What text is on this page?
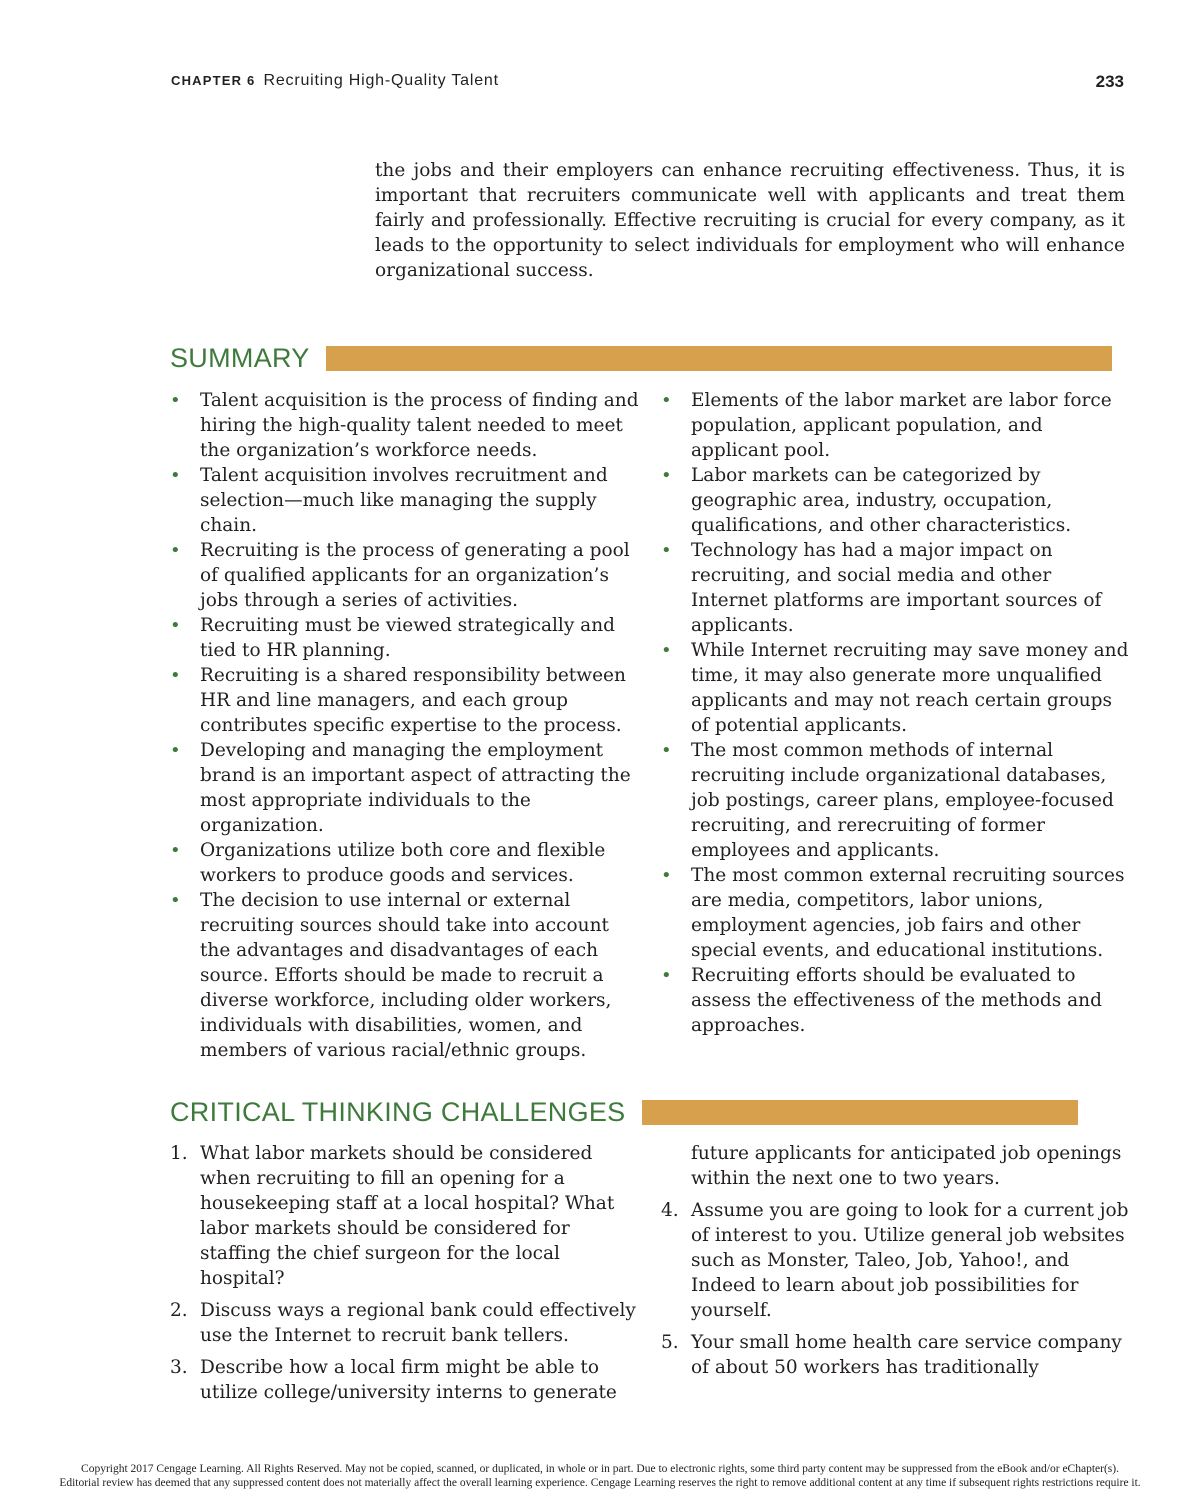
CHAPTER 6 Recruiting High-Quality Talent	233

the jobs and their employers can enhance recruiting effectiveness. Thus, it is important that recruiters communicate well with applicants and treat them fairly and professionally. Effective recruiting is crucial for every company, as it leads to the opportunity to select individuals for employment who will enhance organizational success.

SUMMARY
• Talent acquisition is the process of finding and hiring the high-quality talent needed to meet the organization’s workforce needs.
• Talent acquisition involves recruitment and selection—much like managing the supply chain.
• Recruiting is the process of generating a pool of qualified applicants for an organization’s jobs through a series of activities.
• Recruiting must be viewed strategically and tied to HR planning.
• Recruiting is a shared responsibility between HR and line managers, and each group contributes specific expertise to the process.
• Developing and managing the employment brand is an important aspect of attracting the most appropriate individuals to the organization.
• Organizations utilize both core and flexible workers to produce goods and services.
• The decision to use internal or external recruiting sources should take into account the advantages and disadvantages of each source. Efforts should be made to recruit a diverse workforce, including older workers, individuals with disabilities, women, and members of various racial/ethnic groups.
• Elements of the labor market are labor force population, applicant population, and applicant pool.
• Labor markets can be categorized by geographic area, industry, occupation, qualifications, and other characteristics.
• Technology has had a major impact on recruiting, and social media and other Internet platforms are important sources of applicants.
• While Internet recruiting may save money and time, it may also generate more unqualified applicants and may not reach certain groups of potential applicants.
• The most common methods of internal recruiting include organizational databases, job postings, career plans, employee-focused recruiting, and rerecruiting of former employees and applicants.
• The most common external recruiting sources are media, competitors, labor unions, employment agencies, job fairs and other special events, and educational institutions.
• Recruiting efforts should be evaluated to assess the effectiveness of the methods and approaches.
CRITICAL THINKING CHALLENGES
1. What labor markets should be considered when recruiting to fill an opening for a housekeeping staff at a local hospital? What labor markets should be considered for staffing the chief surgeon for the local hospital?
2. Discuss ways a regional bank could effectively use the Internet to recruit bank tellers.
3. Describe how a local firm might be able to utilize college/university interns to generate

future applicants for anticipated job openings within the next one to two years.

4. Assume you are going to look for a current job of interest to you. Utilize general job websites such as Monster, Taleo, Job, Yahoo!, and Indeed to learn about job possibilities for yourself.
5. Your small home health care service company of about 50 workers has traditionally

Copyright 2017 Cengage Learning. All Rights Reserved. May not be copied, scanned, or duplicated, in whole or in part. Due to electronic rights, some third party content may be suppressed from the eBook and/or eChapter(s).
Editorial review has deemed that any suppressed content does not materially affect the overall learning experience. Cengage Learning reserves the right to remove additional content at any time if subsequent rights restrictions require it.
